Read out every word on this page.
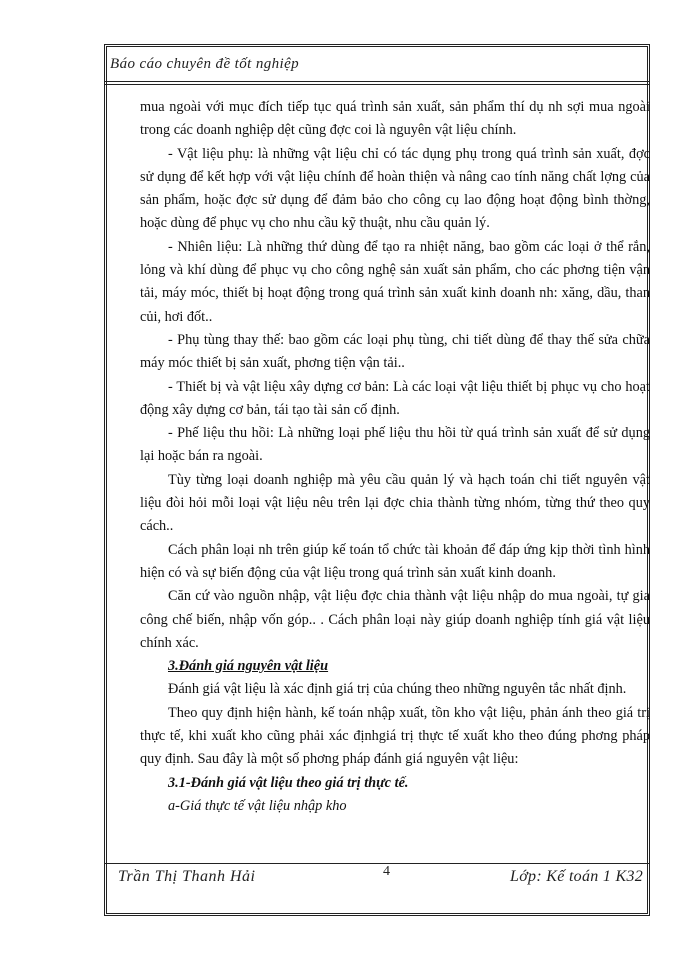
Báo cáo chuyên đề tốt nghiệp

mua ngoài với mục đích tiếp tục quá trình sản xuất, sản phẩm thí dụ nh sợi mua ngoài trong các doanh nghiệp dệt cũng đợc coi là nguyên vật liệu chính.

- Vật liệu phụ: là những vật liệu chỉ có tác dụng phụ trong quá trình sản xuất, đợc sử dụng để kết hợp với vật liệu chính để hoàn thiện và nâng cao tính năng chất lợng của sản phẩm, hoặc đợc sử dụng để đảm bảo cho công cụ lao động hoạt động bình thờng, hoặc dùng để phục vụ cho nhu cầu kỹ thuật, nhu cầu quản lý.

- Nhiên liệu: Là những thứ dùng để tạo ra nhiệt năng, bao gồm các loại ở thể rắn, lỏng và khí dùng để phục vụ cho công nghệ sản xuất sản phẩm, cho các phơng tiện vận tải, máy móc, thiết bị hoạt động trong quá trình sản xuất kinh doanh nh: xăng, dầu, than củi, hơi đốt..

- Phụ tùng thay thế: bao gồm các loại phụ tùng, chi tiết dùng để thay thế sửa chữa máy móc thiết bị sản xuất, phơng tiện vận tải..

- Thiết bị và vật liệu xây dựng cơ bản: Là các loại vật liệu thiết bị phục vụ cho hoạt động xây dựng cơ bản, tái tạo tài sản cố định.

- Phế liệu thu hồi: Là những loại phế liệu thu hồi từ quá trình sản xuất để sử dụng lại hoặc bán ra ngoài.

Tùy từng loại doanh nghiệp mà yêu cầu quản lý và hạch toán chi tiết nguyên vật liệu đòi hỏi mỗi loại vật liệu nêu trên lại đợc chia thành từng nhóm, từng thứ theo quy cách..

Cách phân loại nh trên giúp kế toán tổ chức tài khoản để đáp ứng kịp thời tình hình hiện có và sự biến động của vật liệu trong quá trình sản xuất kinh doanh.

Căn cứ vào nguồn nhập, vật liệu đợc chia thành vật liệu nhập do mua ngoài, tự gia công chế biến, nhập vốn góp.. . Cách phân loại này giúp doanh nghiệp tính giá vật liệu chính xác.

3.Đánh giá nguyên vật liệu

Đánh giá vật liệu là xác định giá trị của chúng theo những nguyên tắc nhất định.

Theo quy định hiện hành, kế toán nhập xuất, tồn kho vật liệu, phản ánh theo giá trị thực tế, khi xuất kho cũng phải xác địnhgiá trị thực tế xuất kho theo đúng phơng pháp quy định. Sau đây là một số phơng pháp đánh giá nguyên vật liệu:

3.1-Đánh giá vật liệu theo giá trị thực tế.

a-Giá thực tế vật liệu nhập kho

Trần Thị Thanh Hải	4	Lớp: Kế toán 1 K32
